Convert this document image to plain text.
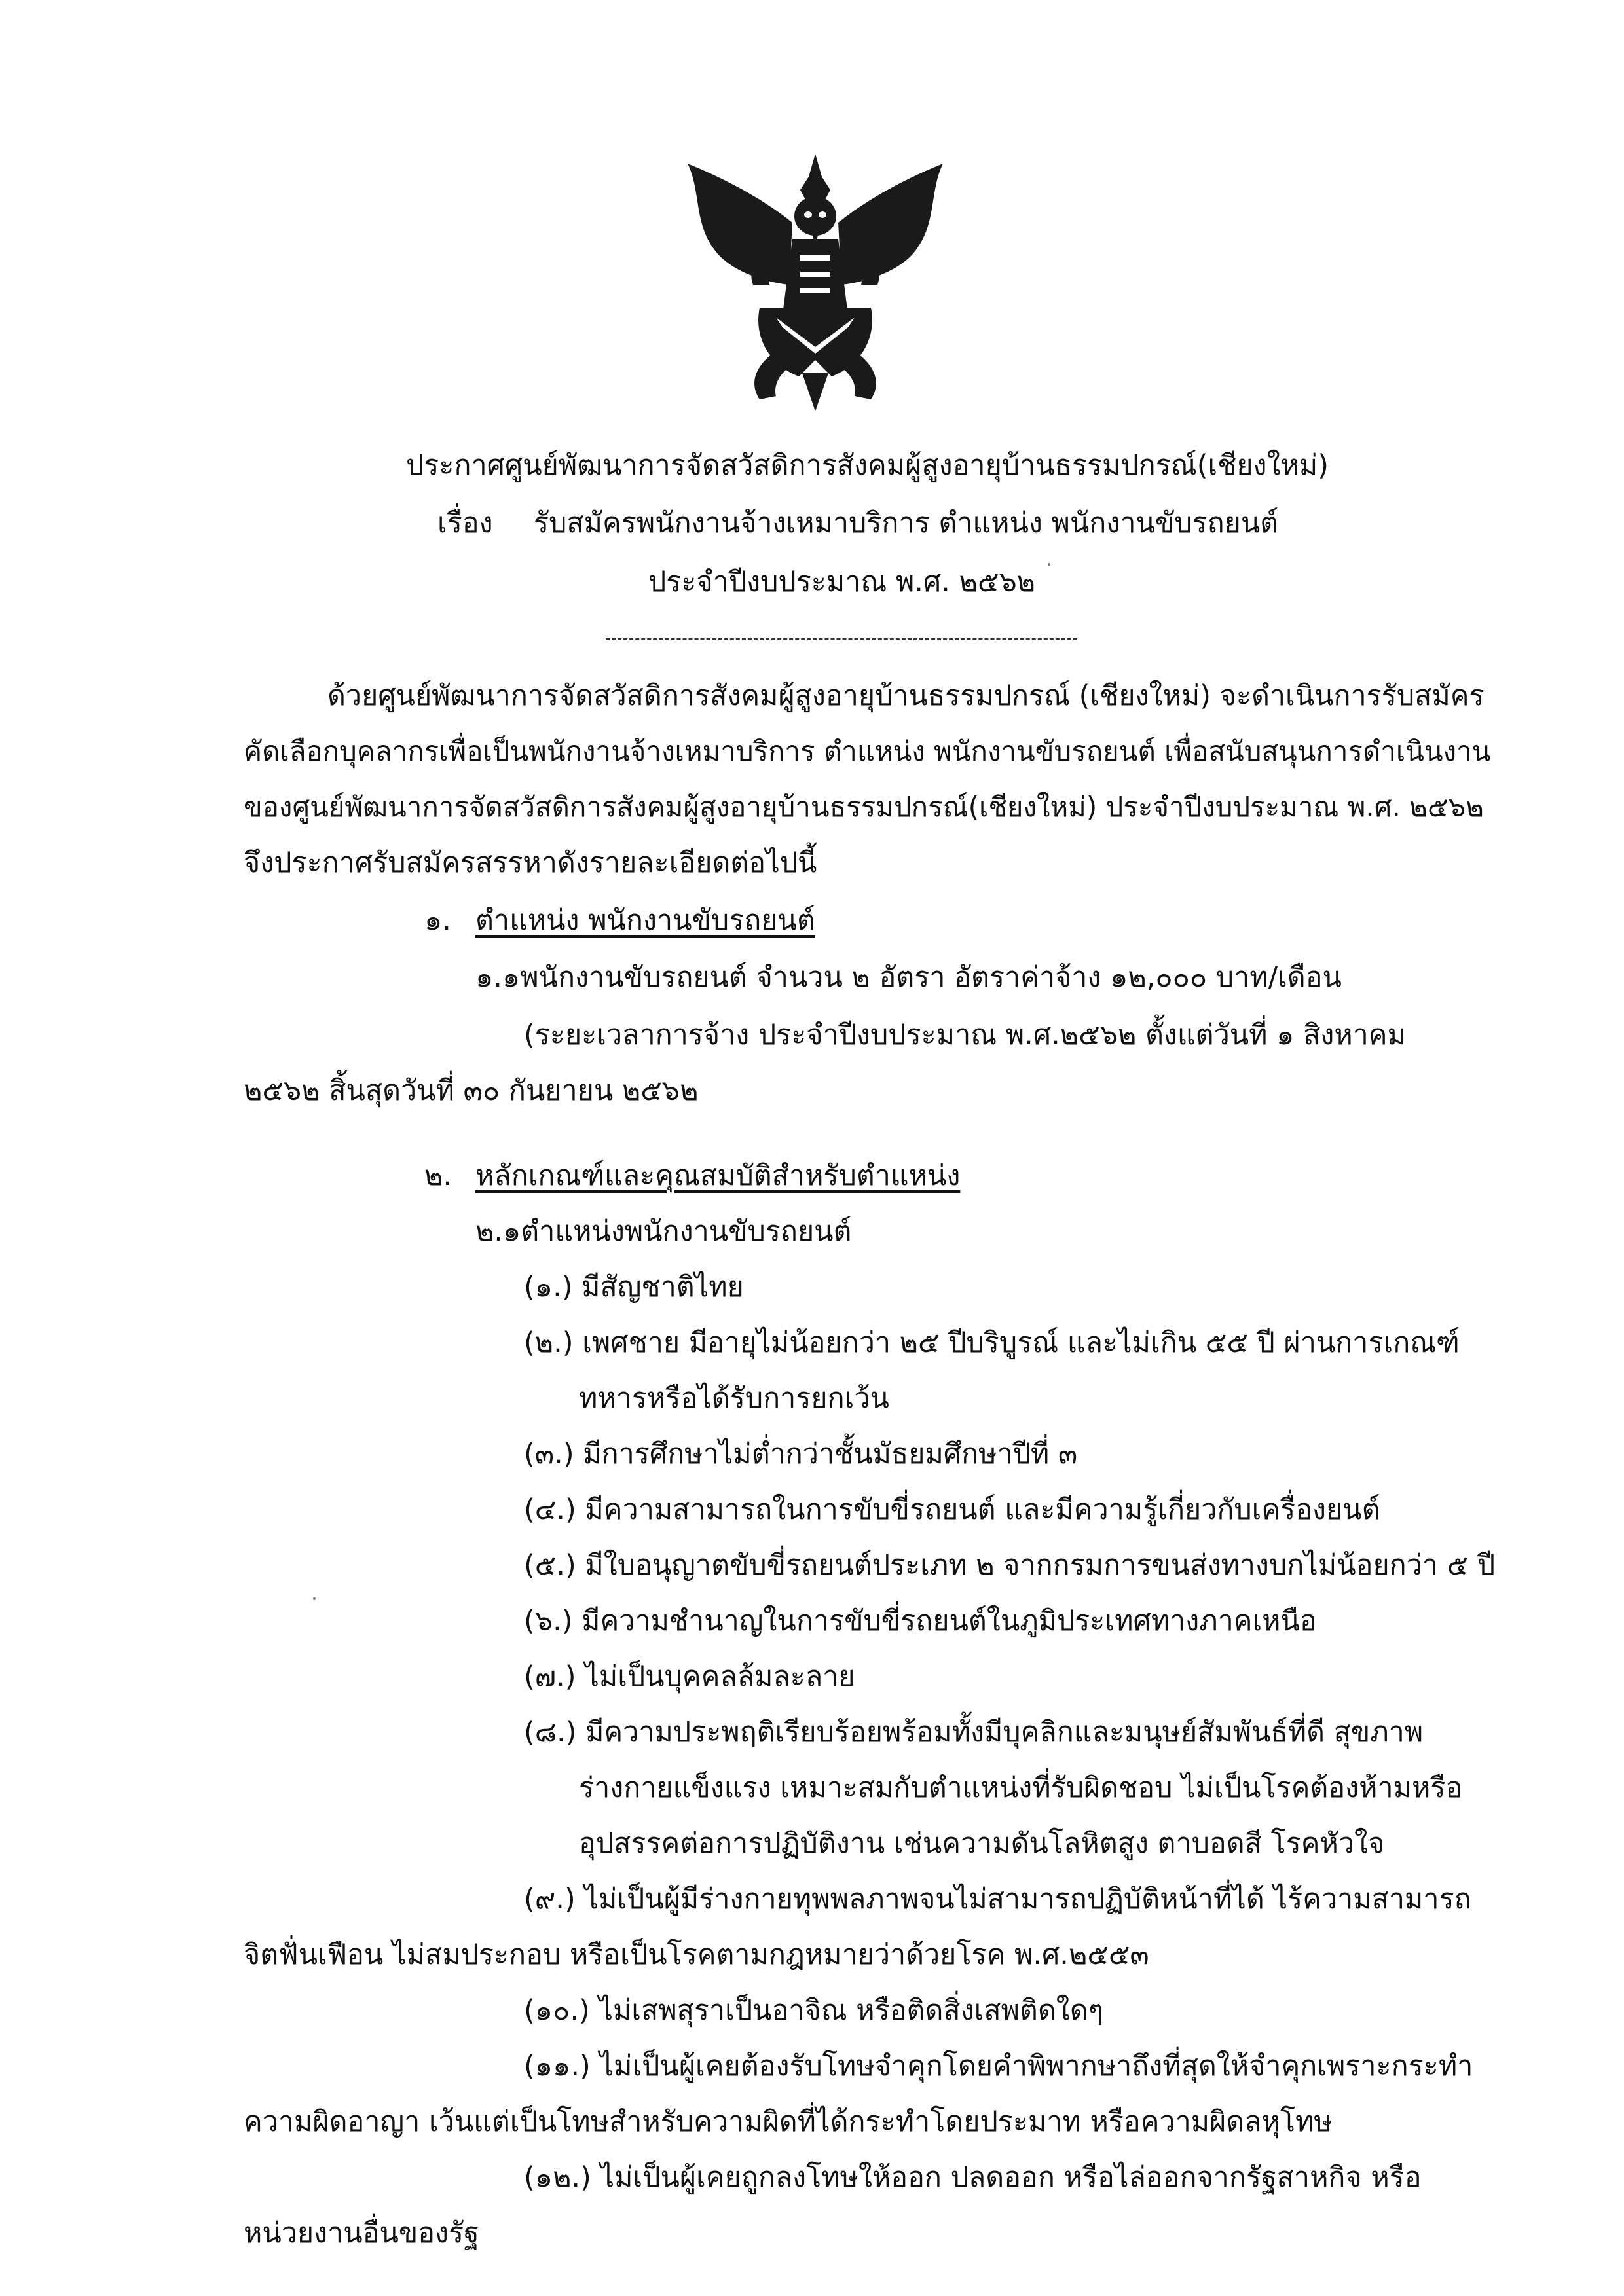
ประกาศศูนย์พัฒนาการจัดสวัสดิการสังคมผู้สูงอายุบ้านธรรมปกรณ์(เชียงใหม่)
เรื่อง รับสมัครพนักงานจ้างเหมาบริการ ตำแหน่ง พนักงานขับรถยนต์
ประจำปีงบประมาณ พ.ศ. ๒๕๖๒
ด้วยศูนย์พัฒนาการจัดสวัสดิการสังคมผู้สูงอายุบ้านธรรมปกรณ์ (เชียงใหม่) จะดำเนินการรับสมัคร
คัดเลือกบุคลากรเพื่อเป็นพนักงานจ้างเหมาบริการ ตำแหน่ง พนักงานขับรถยนต์ เพื่อสนับสนุนการดำเนินงาน
ของศูนย์พัฒนาการจัดสวัสดิการสังคมผู้สูงอายุบ้านธรรมปกรณ์(เชียงใหม่) ประจำปีงบประมาณ พ.ศ. ๒๕๖๒
จึงประกาศรับสมัครสรรหาดังรายละเอียดต่อไปนี้
๑. ตำแหน่ง พนักงานขับรถยนต์
๑.๑พนักงานขับรถยนต์ จำนวน ๒ อัตรา อัตราค่าจ้าง ๑๒,๐๐๐ บาท/เดือน
(ระยะเวลาการจ้าง ประจำปีงบประมาณ พ.ศ.๒๕๖๒ ตั้งแต่วันที่ ๑ สิงหาคม
๒๕๖๒ สิ้นสุดวันที่ ๓๐ กันยายน ๒๕๖๒
๒. หลักเกณฑ์และคุณสมบัติสำหรับตำแหน่ง
๒.๑ตำแหน่งพนักงานขับรถยนต์
(๑.) มีสัญชาติไทย
(๒.) เพศชาย มีอายุไม่น้อยกว่า ๒๕ ปีบริบูรณ์ และไม่เกิน ๕๕ ปี ผ่านการเกณฑ์
ทหารหรือได้รับการยกเว้น
(๓.) มีการศึกษาไม่ต่ำกว่าชั้นมัธยมศึกษาปีที่ ๓
(๔.) มีความสามารถในการขับขี่รถยนต์ และมีความรู้เกี่ยวกับเครื่องยนต์
(๕.) มีใบอนุญาตขับขี่รถยนต์ประเภท ๒ จากกรมการขนส่งทางบกไม่น้อยกว่า ๕ ปี
(๖.) มีความชำนาญในการขับขี่รถยนต์ในภูมิประเทศทางภาคเหนือ
(๗.) ไม่เป็นบุคคลล้มละลาย
(๘.) มีความประพฤติเรียบร้อยพร้อมทั้งมีบุคลิกและมนุษย์สัมพันธ์ที่ดี สุขภาพ
ร่างกายแข็งแรง เหมาะสมกับตำแหน่งที่รับผิดชอบ ไม่เป็นโรคต้องห้ามหรือ
อุปสรรคต่อการปฏิบัติงาน เช่นความดันโลหิตสูง ตาบอดสี โรคหัวใจ
(๙.) ไม่เป็นผู้มีร่างกายทุพพลภาพจนไม่สามารถปฏิบัติหน้าที่ได้ ไร้ความสามารถ
จิตฟั่นเฟือน ไม่สมประกอบ หรือเป็นโรคตามกฎหมายว่าด้วยโรค พ.ศ.๒๕๕๓
(๑๐.) ไม่เสพสุราเป็นอาจิณ หรือติดสิ่งเสพติดใดๆ
(๑๑.) ไม่เป็นผู้เคยต้องรับโทษจำคุกโดยคำพิพากษาถึงที่สุดให้จำคุกเพราะกระทำ
ความผิดอาญา เว้นแต่เป็นโทษสำหรับความผิดที่ได้กระทำโดยประมาท หรือความผิดลหุโทษ
(๑๒.) ไม่เป็นผู้เคยถูกลงโทษให้ออก ปลดออก หรือไล่ออกจากรัฐสาหกิจ หรือ
หน่วยงานอื่นของรัฐ
